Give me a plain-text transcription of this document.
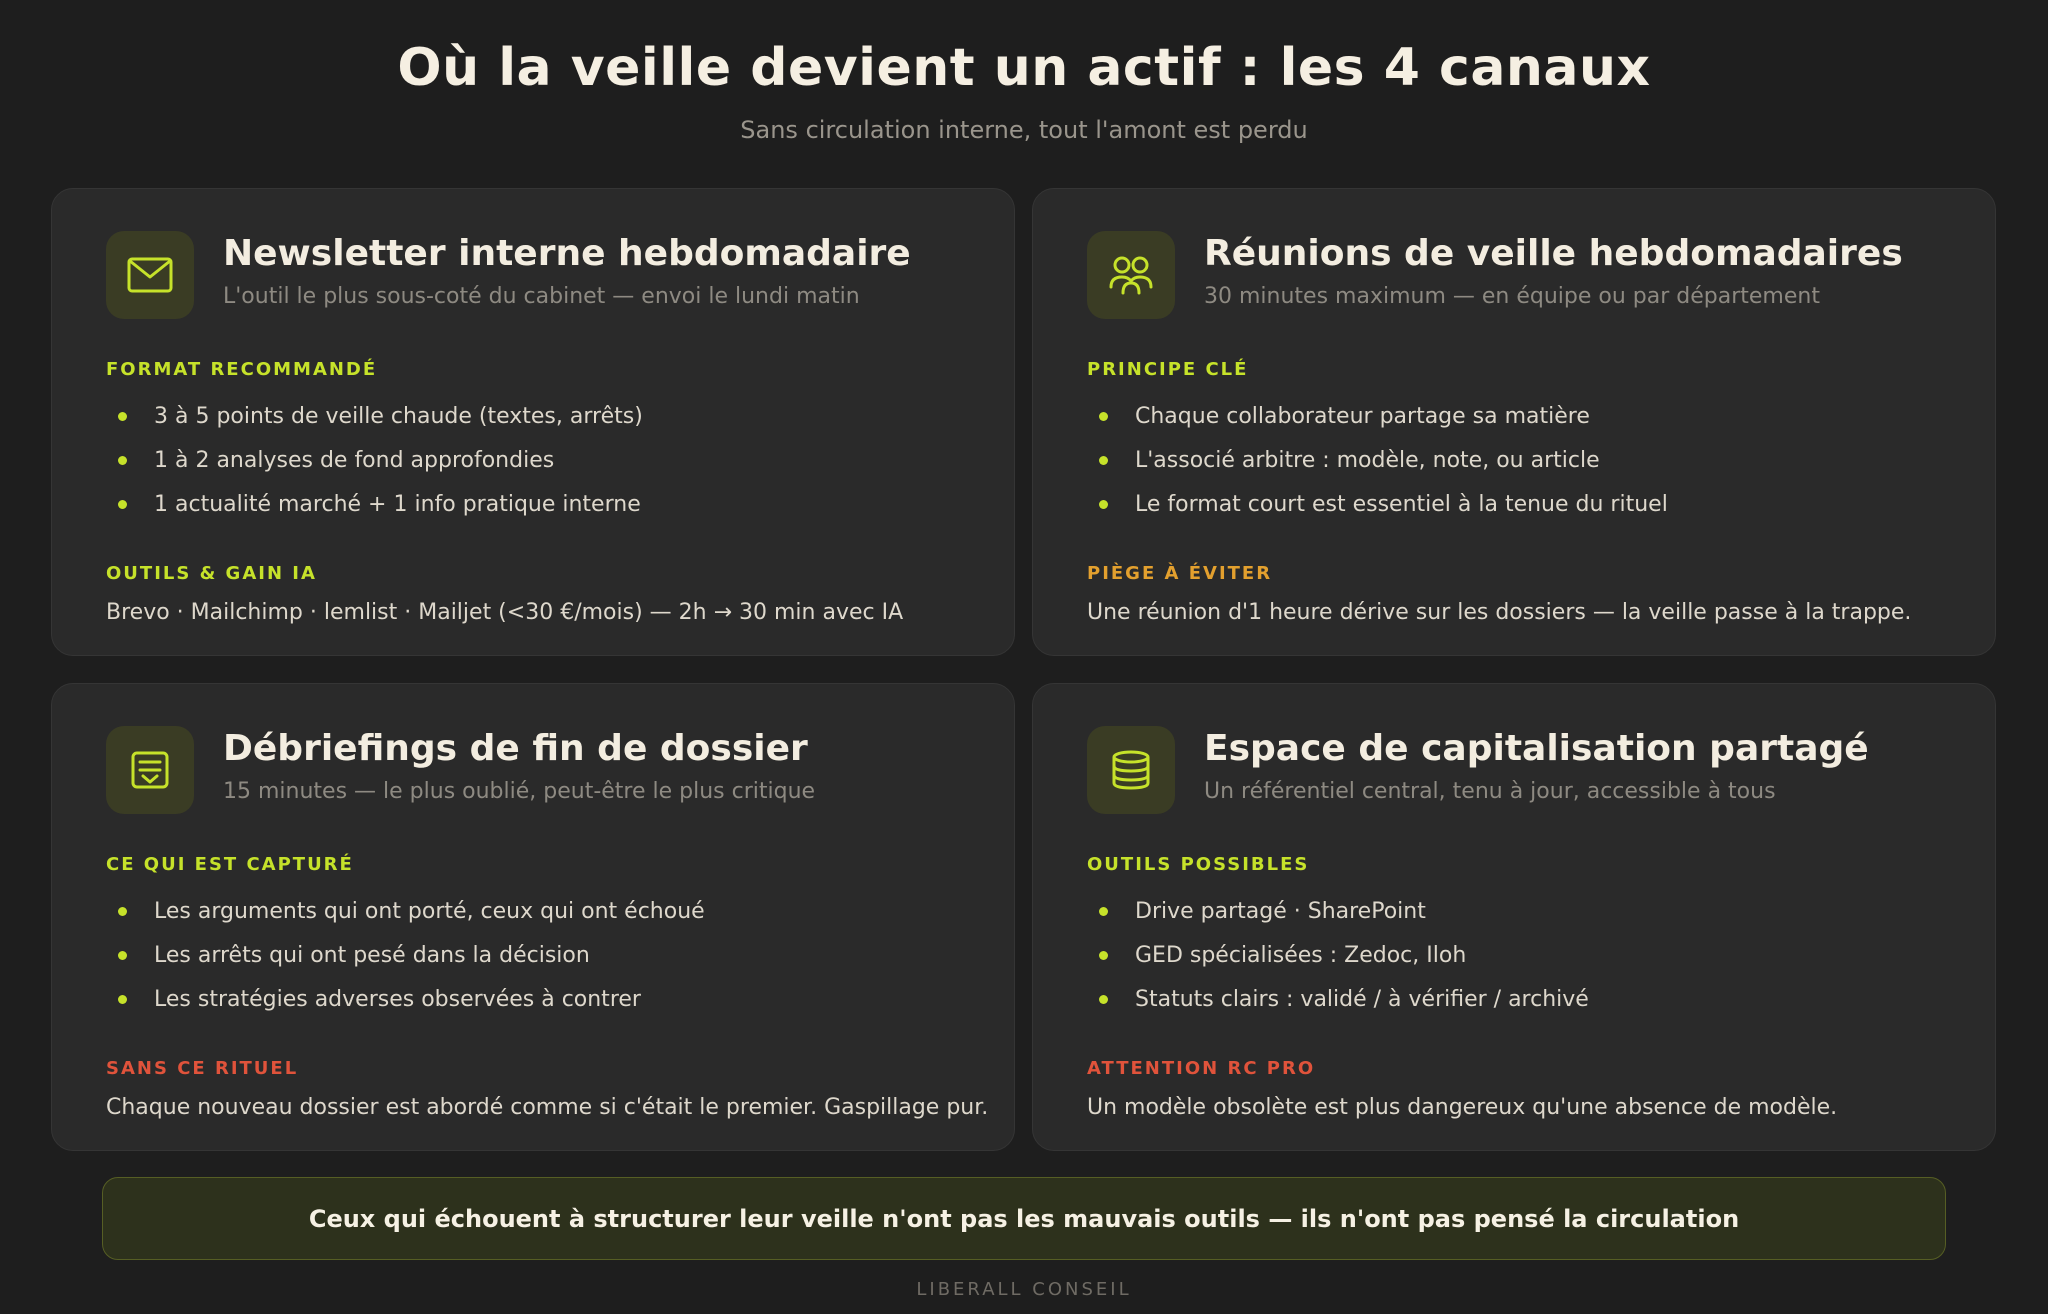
Où la veille devient un actif : les 4 canaux
Sans circulation interne, tout l'amont est perdu
Newsletter interne hebdomadaire
L'outil le plus sous-coté du cabinet — envoi le lundi matin
FORMAT RECOMMANDÉ
3 à 5 points de veille chaude (textes, arrêts)
1 à 2 analyses de fond approfondies
1 actualité marché + 1 info pratique interne
OUTILS & GAIN IA
Brevo · Mailchimp · lemlist · Mailjet (<30 €/mois) — 2h → 30 min avec IA
Réunions de veille hebdomadaires
30 minutes maximum — en équipe ou par département
PRINCIPE CLÉ
Chaque collaborateur partage sa matière
L'associé arbitre : modèle, note, ou article
Le format court est essentiel à la tenue du rituel
PIÈGE À ÉVITER
Une réunion d'1 heure dérive sur les dossiers — la veille passe à la trappe.
Débriefings de fin de dossier
15 minutes — le plus oublié, peut-être le plus critique
CE QUI EST CAPTURÉ
Les arguments qui ont porté, ceux qui ont échoué
Les arrêts qui ont pesé dans la décision
Les stratégies adverses observées à contrer
SANS CE RITUEL
Chaque nouveau dossier est abordé comme si c'était le premier. Gaspillage pur.
Espace de capitalisation partagé
Un référentiel central, tenu à jour, accessible à tous
OUTILS POSSIBLES
Drive partagé · SharePoint
GED spécialisées : Zedoc, Iloh
Statuts clairs : validé / à vérifier / archivé
ATTENTION RC PRO
Un modèle obsolète est plus dangereux qu'une absence de modèle.
Ceux qui échouent à structurer leur veille n'ont pas les mauvais outils — ils n'ont pas pensé la circulation
LIBERALL CONSEIL
